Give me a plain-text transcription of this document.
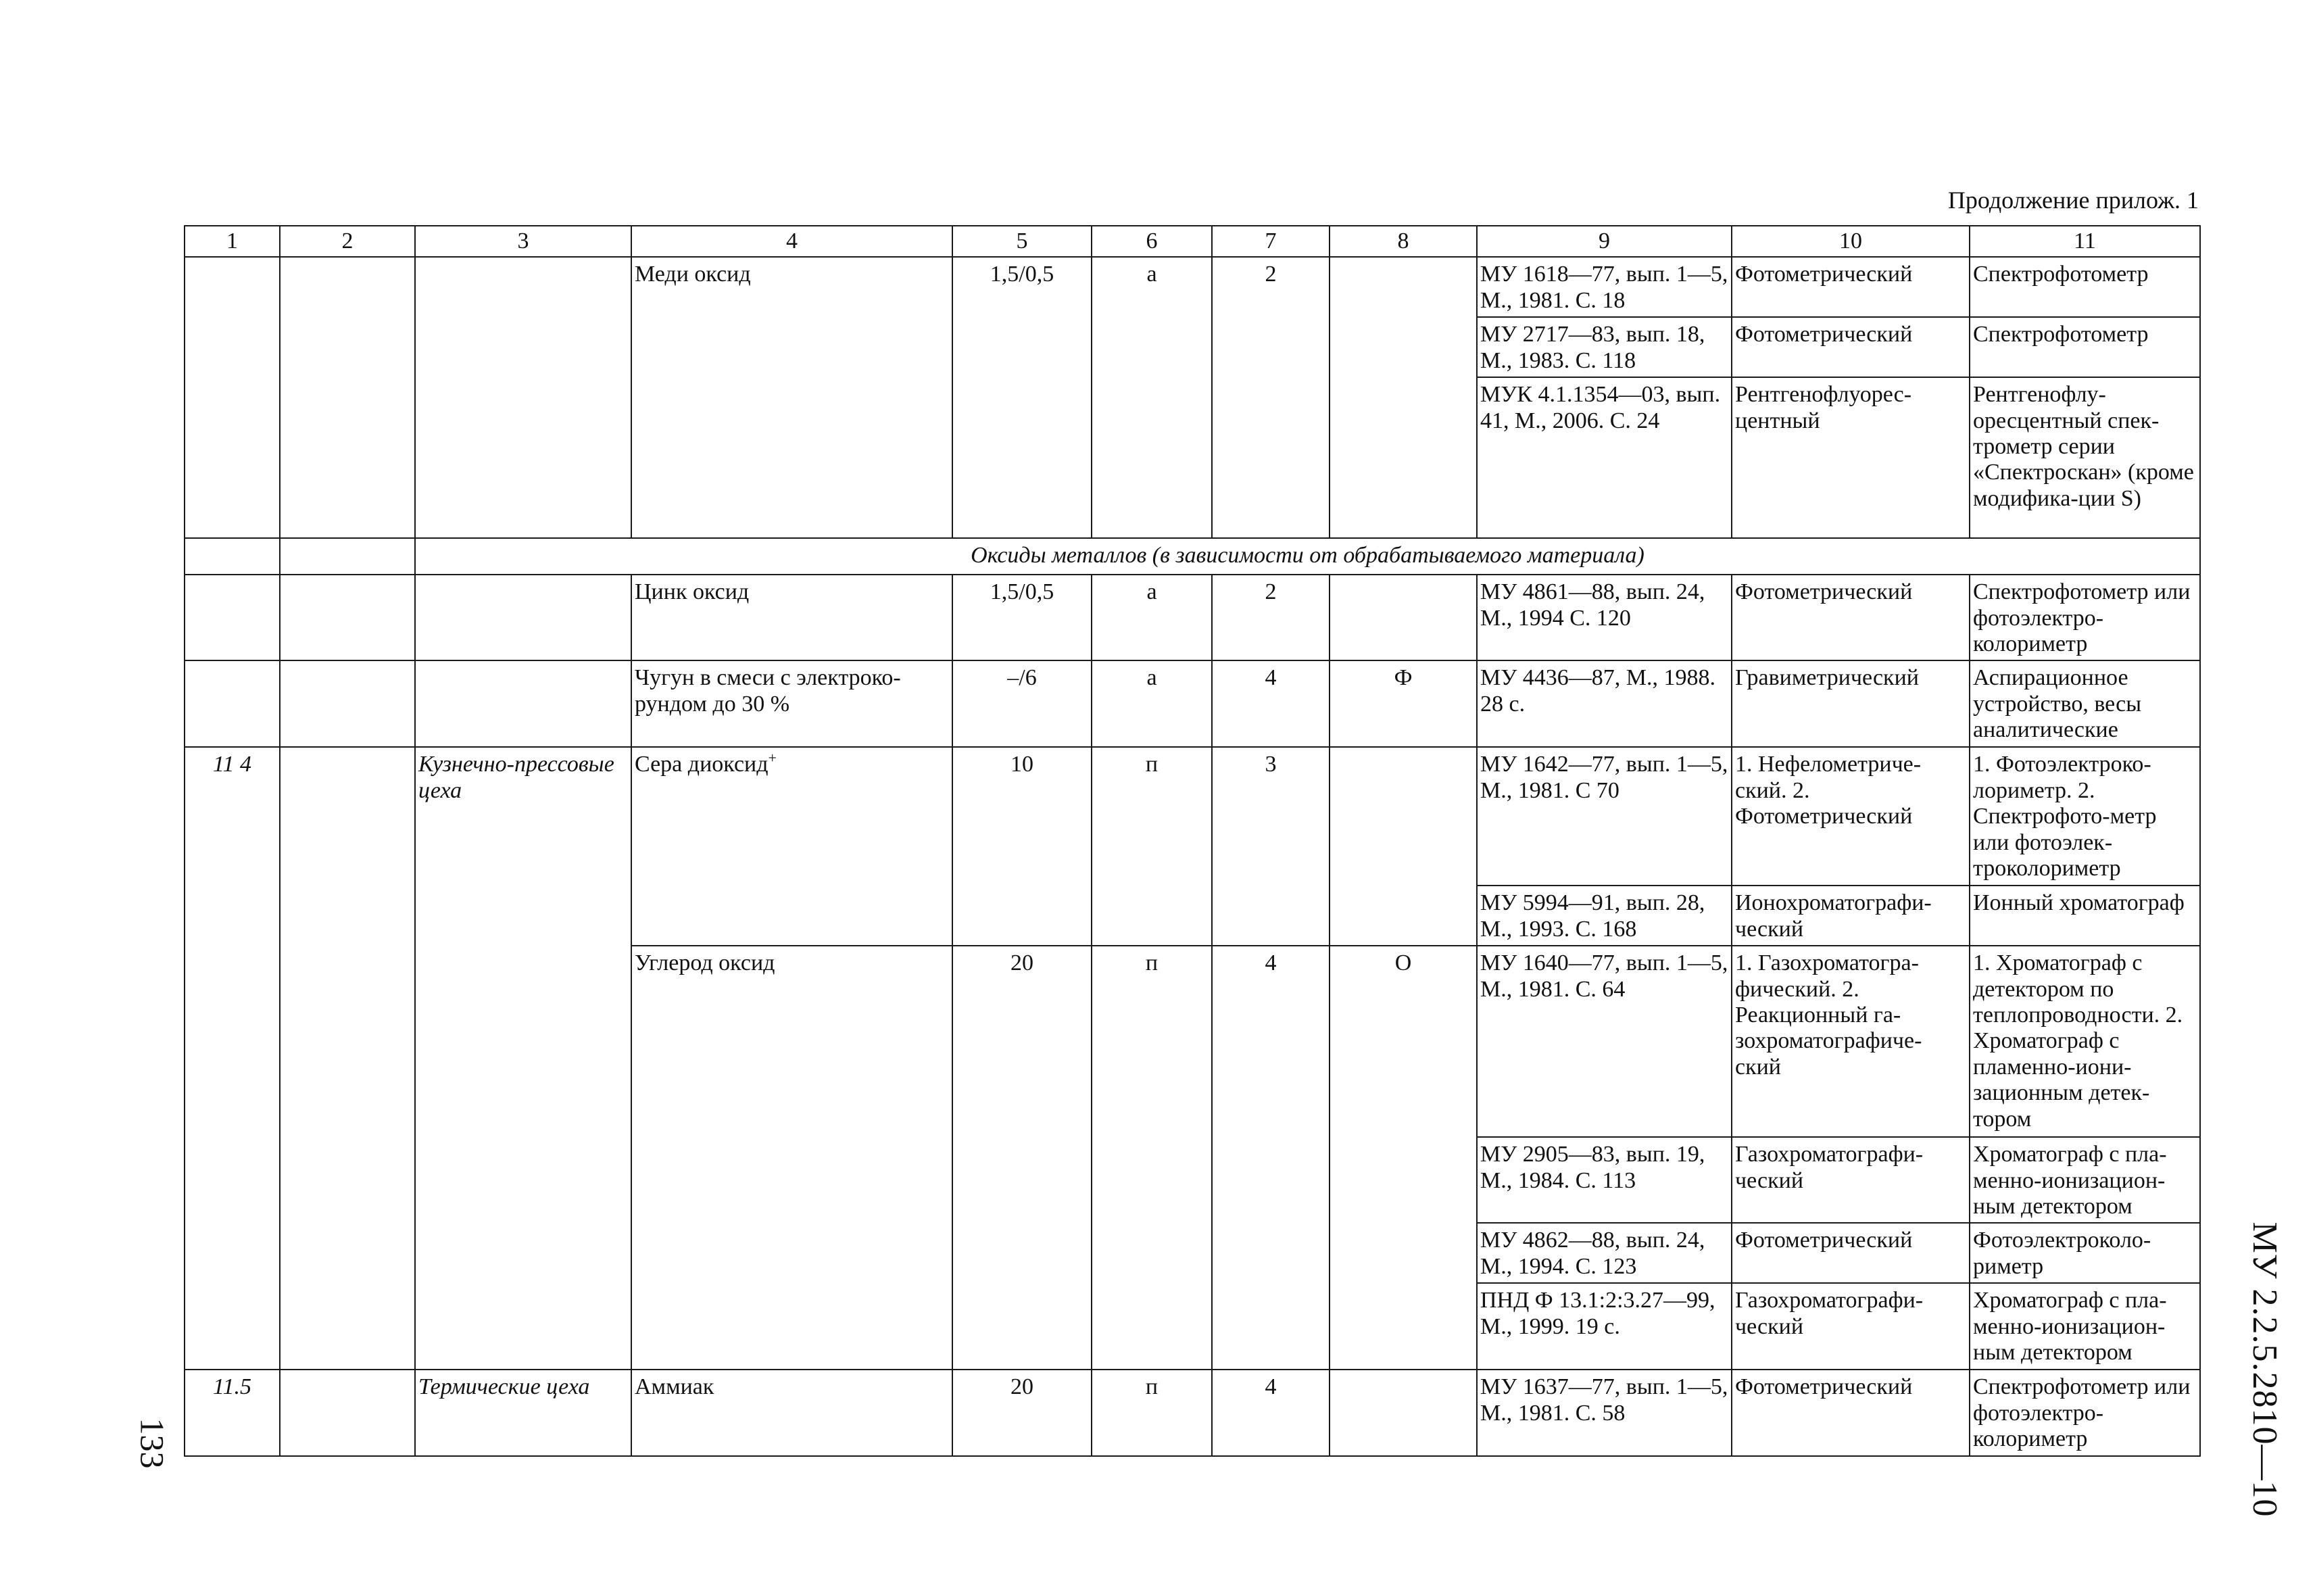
Продолжение прилож. 1
1	2	3	4	5	6	7	8	9	10	11
			Меди оксид	1,5/0,5	а	2		МУ 1618—77, вып. 1—5, М., 1981. С. 18	Фотометрический	Спектрофотометр
								МУ 2717—83, вып. 18, М., 1983. С. 118	Фотометрический	Спектрофотометр
								МУК 4.1.1354—03, вып. 41, М., 2006. С. 24	Рентгенофлуорес-центный	Рентгенофлу-оресцентный спек-трометр серии «Спектроскан» (кроме модифика-ции S)
		Оксиды металлов (в зависимости от обрабатываемого материала)								
			Цинк оксид	1,5/0,5	а	2		МУ 4861—88, вып. 24, М., 1994 С. 120	Фотометрический	Спектрофотометр или фотоэлектро-колориметр
			Чугун в смеси с электроко-рундом до 30 %	–/6	а	4	Ф	МУ 4436—87, М., 1988. 28 с.	Гравиметрический	Аспирационное устройство, весы аналитические
11 4		Кузнечно-прессовые цеха	Сера диоксид+	10	п	3		МУ 1642—77, вып. 1—5, М., 1981. С 70	1. Нефелометриче-ский. 2. Фотометрический	1. Фотоэлектроко-лориметр. 2. Спектрофото-метр или фотоэлек-троколориметр
								МУ 5994—91, вып. 28, М., 1993. С. 168	Ионохроматографи-ческий	Ионный хроматограф
			Углерод оксид	20	п	4	О	МУ 1640—77, вып. 1—5, М., 1981. С. 64	1. Газохроматогра-фический. 2. Реакционный га-зохроматографиче-ский	1. Хроматограф с детектором по теплопроводности. 2. Хроматограф с пламенно-иони-зационным детек-тором
								МУ 2905—83, вып. 19, М., 1984. С. 113	Газохроматографи-ческий	Хроматограф с пла-менно-ионизацион-ным детектором
								МУ 4862—88, вып. 24, М., 1994. С. 123	Фотометрический	Фотоэлектроколо-риметр
								ПНД Ф 13.1:2:3.27—99, М., 1999. 19 с.	Газохроматографи-ческий	Хроматограф с пла-менно-ионизацион-ным детектором
11.5		Термические цеха	Аммиак	20	п	4		МУ 1637—77, вып. 1—5, М., 1981. С. 58	Фотометрический	Спектрофотометр или фотоэлектро-колориметр
133	МУ 2.2.5.2810—10
